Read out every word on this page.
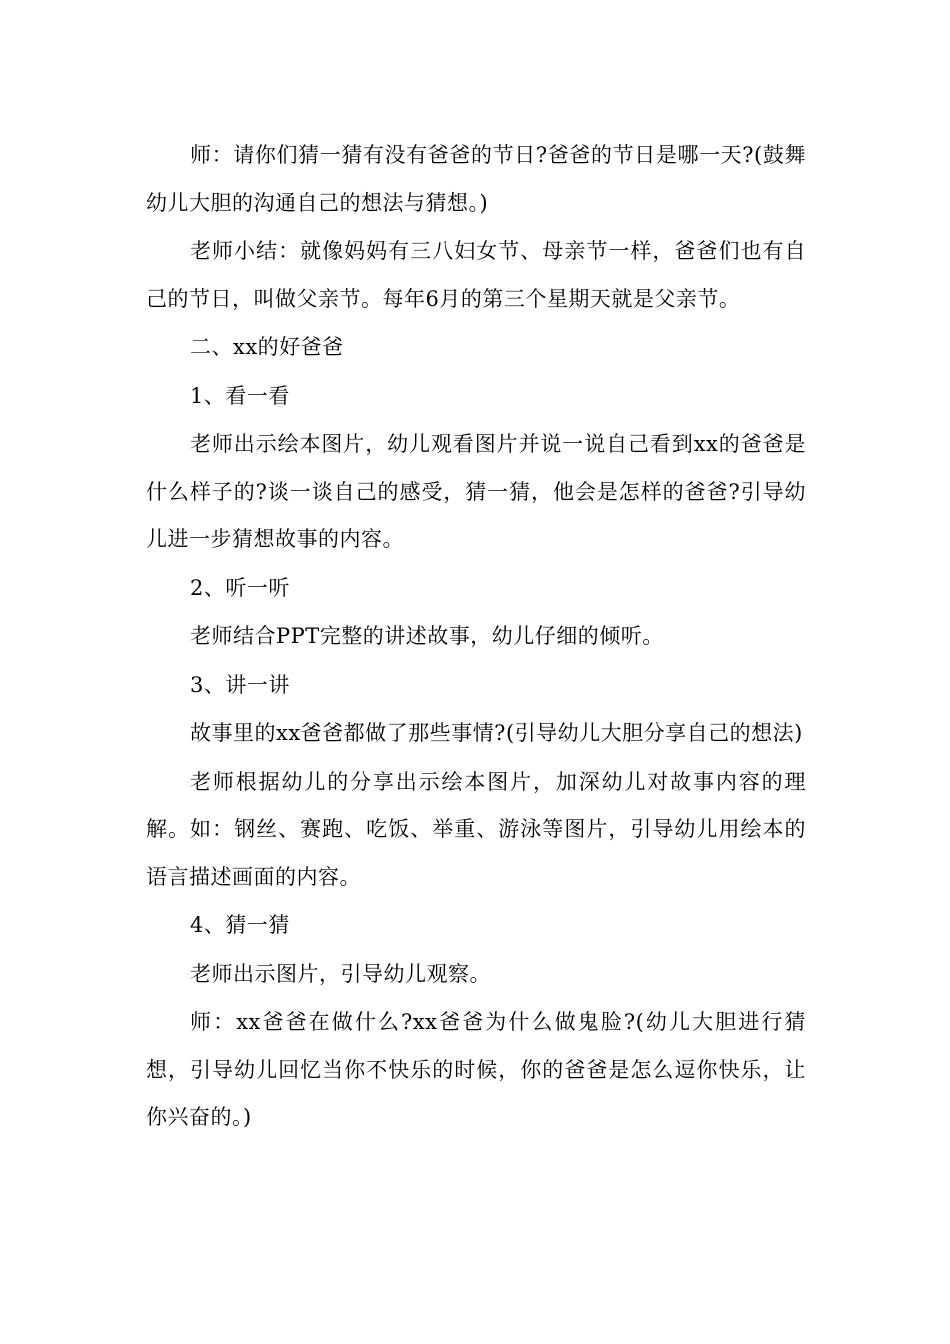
师：请你们猜一猜有没有爸爸的节日?爸爸的节日是哪一天?(鼓舞幼儿大胆的沟通自己的想法与猜想。)

老师小结：就像妈妈有三八妇女节、母亲节一样，爸爸们也有自己的节日，叫做父亲节。每年6月的第三个星期天就是父亲节。

二、xx的好爸爸

1、看一看

老师出示绘本图片，幼儿观看图片并说一说自己看到xx的爸爸是什么样子的?谈一谈自己的感受，猜一猜，他会是怎样的爸爸?引导幼儿进一步猜想故事的内容。

2、听一听

老师结合PPT完整的讲述故事，幼儿仔细的倾听。

3、讲一讲

故事里的xx爸爸都做了那些事情?(引导幼儿大胆分享自己的想法)

老师根据幼儿的分享出示绘本图片，加深幼儿对故事内容的理解。如：钢丝、赛跑、吃饭、举重、游泳等图片，引导幼儿用绘本的语言描述画面的内容。

4、猜一猜

老师出示图片，引导幼儿观察。

师：xx爸爸在做什么?xx爸爸为什么做鬼脸?(幼儿大胆进行猜想，引导幼儿回忆当你不快乐的时候，你的爸爸是怎么逗你快乐，让你兴奋的。)
